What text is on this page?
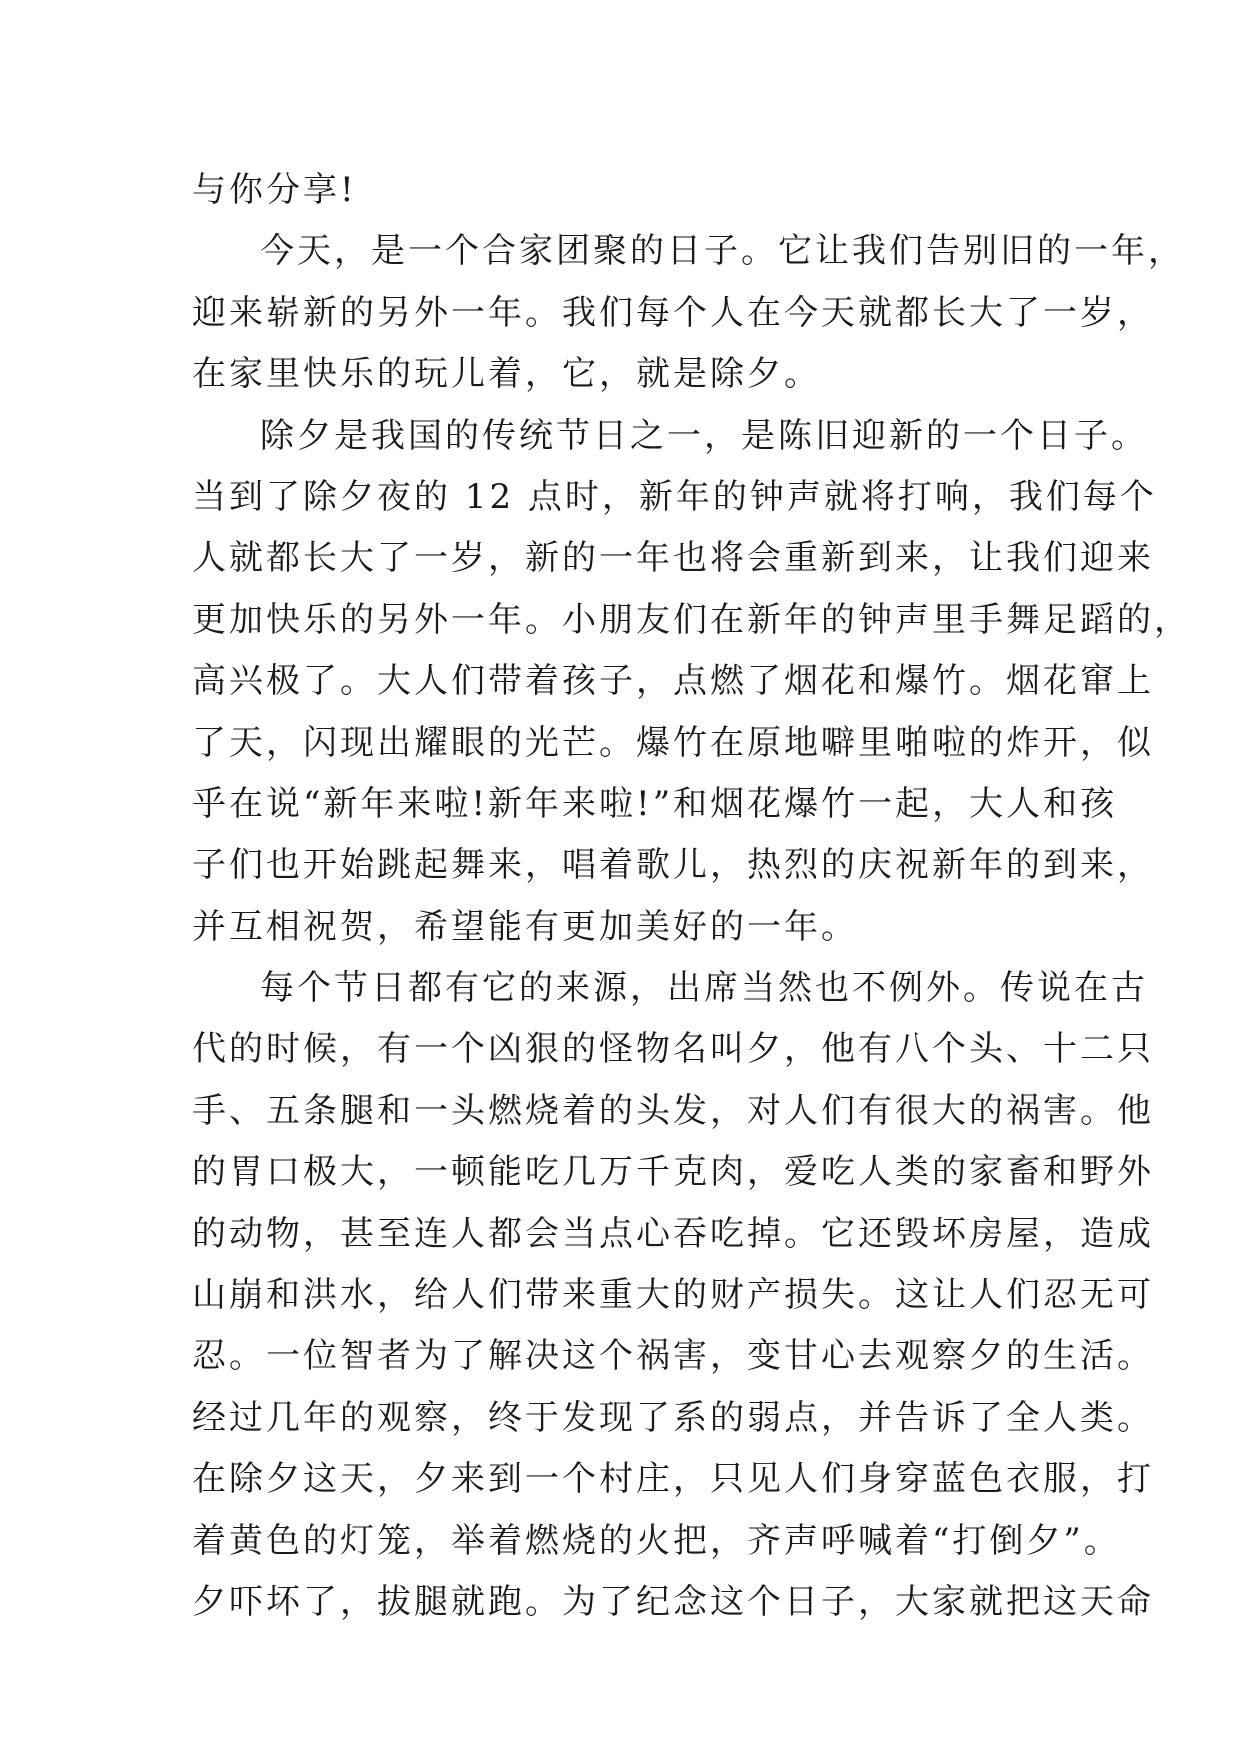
与你分享!
今天，是一个合家团聚的日子。它让我们告别旧的一年，
迎来崭新的另外一年。我们每个人在今天就都长大了一岁，
在家里快乐的玩儿着，它，就是除夕。
除夕是我国的传统节日之一，是陈旧迎新的一个日子。
当到了除夕夜的 12 点时，新年的钟声就将打响，我们每个
人就都长大了一岁，新的一年也将会重新到来，让我们迎来
更加快乐的另外一年。小朋友们在新年的钟声里手舞足蹈的，
高兴极了。大人们带着孩子，点燃了烟花和爆竹。烟花窜上
了天，闪现出耀眼的光芒。爆竹在原地噼里啪啦的炸开，似
乎在说“新年来啦!新年来啦!”和烟花爆竹一起，大人和孩
子们也开始跳起舞来，唱着歌儿，热烈的庆祝新年的到来，
并互相祝贺，希望能有更加美好的一年。
每个节日都有它的来源，出席当然也不例外。传说在古
代的时候，有一个凶狠的怪物名叫夕，他有八个头、十二只
手、五条腿和一头燃烧着的头发，对人们有很大的祸害。他
的胃口极大，一顿能吃几万千克肉，爱吃人类的家畜和野外
的动物，甚至连人都会当点心吞吃掉。它还毁坏房屋，造成
山崩和洪水，给人们带来重大的财产损失。这让人们忍无可
忍。一位智者为了解决这个祸害，变甘心去观察夕的生活。
经过几年的观察，终于发现了系的弱点，并告诉了全人类。
在除夕这天，夕来到一个村庄，只见人们身穿蓝色衣服，打
着黄色的灯笼，举着燃烧的火把，齐声呼喊着“打倒夕”。
夕吓坏了，拔腿就跑。为了纪念这个日子，大家就把这天命
